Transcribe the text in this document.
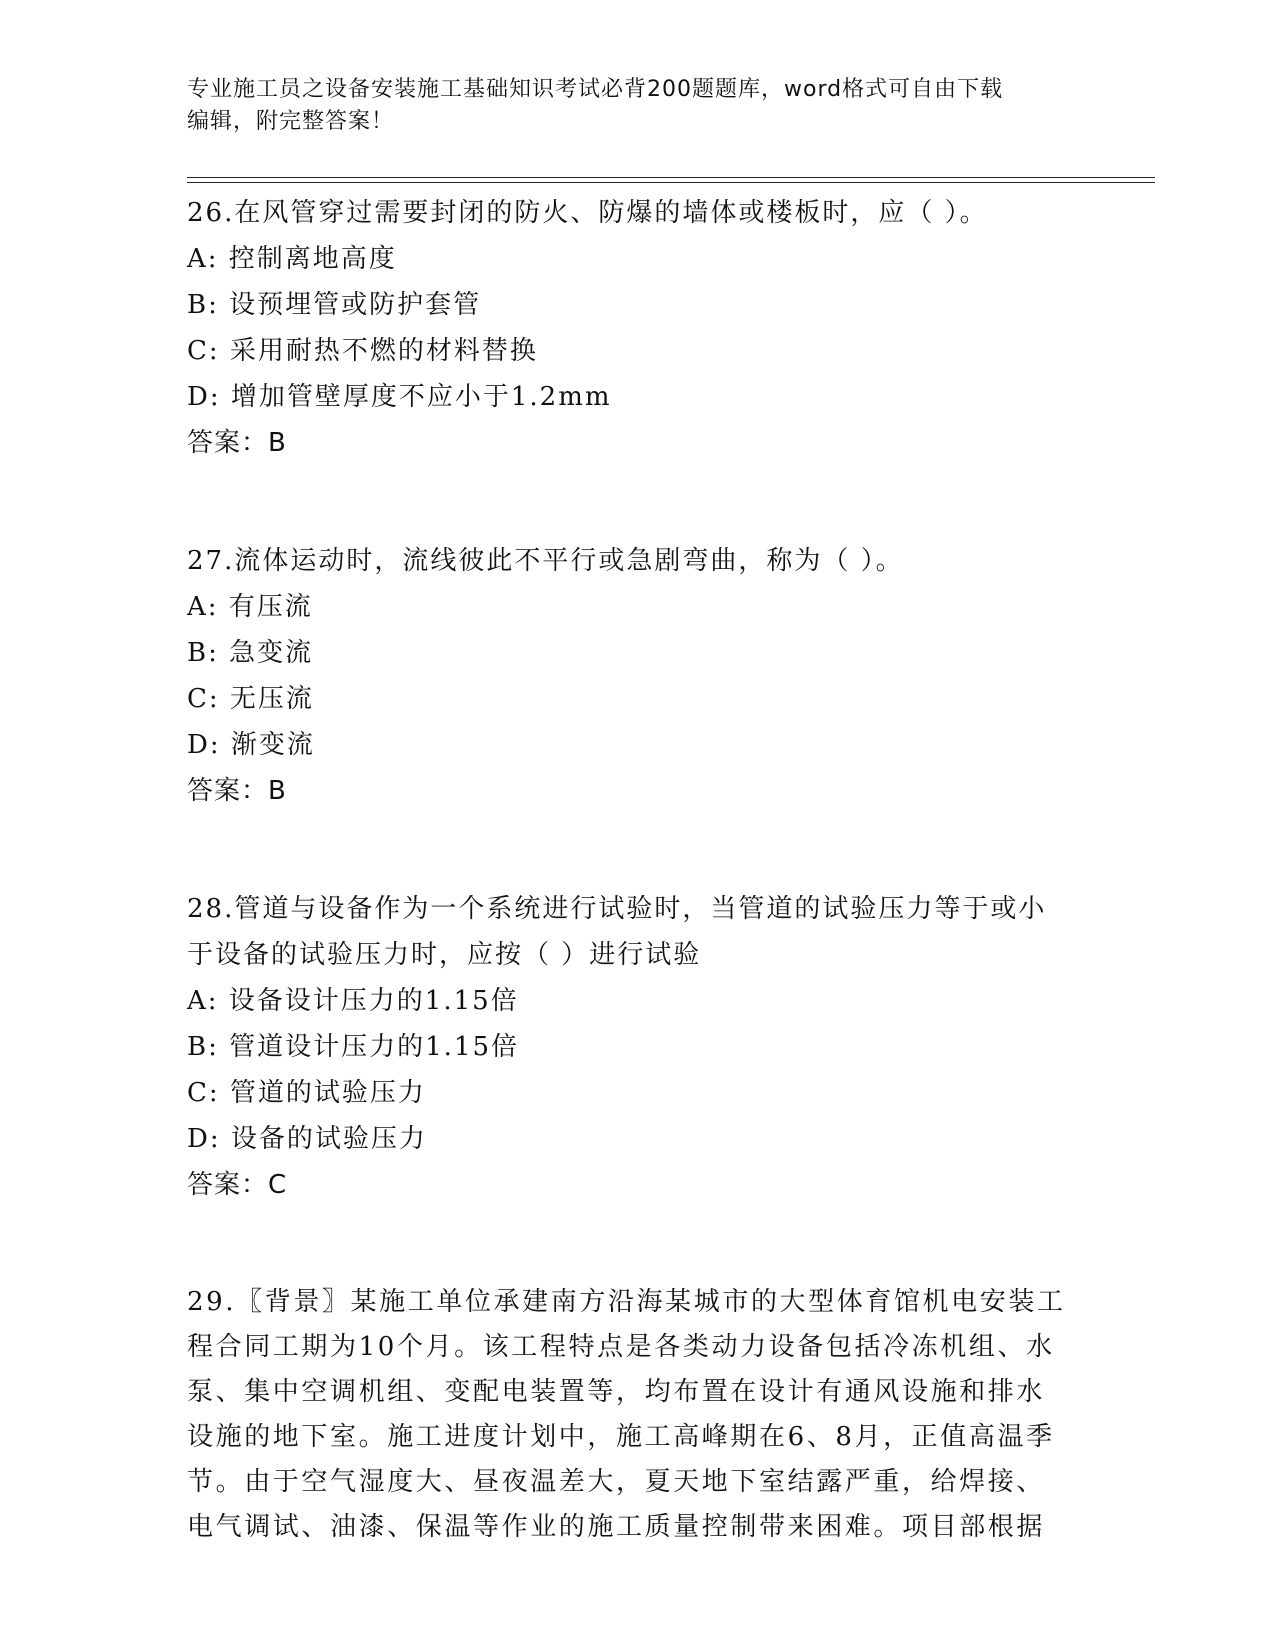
专业施工员之设备安装施工基础知识考试必背200题题库，word格式可自由下载
编辑，附完整答案！
26.在风管穿过需要封闭的防火、防爆的墙体或楼板时，应（ ）。
A: 控制离地高度
B: 设预埋管或防护套管
C: 采用耐热不燃的材料替换
D: 增加管壁厚度不应小于1.2mm
答案：B
27.流体运动时，流线彼此不平行或急剧弯曲，称为（ ）。
A: 有压流
B: 急变流
C: 无压流
D: 渐变流
答案：B
28.管道与设备作为一个系统进行试验时，当管道的试验压力等于或小
于设备的试验压力时，应按（ ）进行试验
A: 设备设计压力的1.15倍
B: 管道设计压力的1.15倍
C: 管道的试验压力
D: 设备的试验压力
答案：C
29.〖背景〗某施工单位承建南方沿海某城市的大型体育馆机电安装工
程合同工期为10个月。该工程特点是各类动力设备包括冷冻机组、水
泵、集中空调机组、变配电装置等，均布置在设计有通风设施和排水
设施的地下室。施工进度计划中，施工高峰期在6、8月，正值高温季
节。由于空气湿度大、昼夜温差大，夏天地下室结露严重，给焊接、
电气调试、油漆、保温等作业的施工质量控制带来困难。项目部根据
